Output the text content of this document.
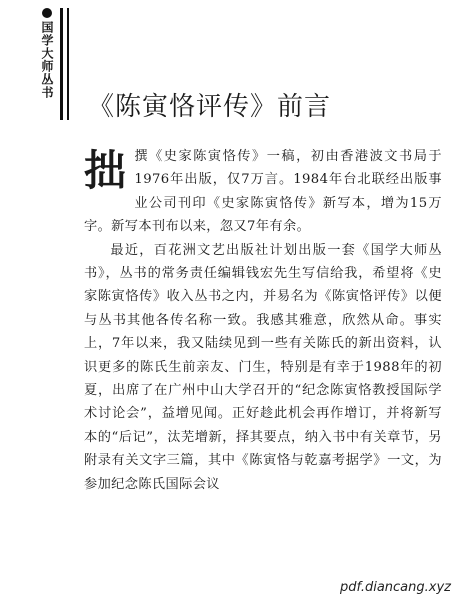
国学大师丛书
《陈寅恪评传》前言

拙撰《史家陈寅恪传》一稿，初由香港波文书局于1976年出版，仅7万言。1984年台北联经出版事业公司刊印《史家陈寅恪传》新写本，增为15万字。新写本刊布以来，忽又7年有余。

最近，百花洲文艺出版社计划出版一套《国学大师丛书》，丛书的常务责任编辑钱宏先生写信给我，希望将《史家陈寅恪传》收入丛书之内，并易名为《陈寅恪评传》以便与丛书其他各传名称一致。我感其雅意，欣然从命。事实上，7年以来，我又陆续见到一些有关陈氏的新出资料，认识更多的陈氏生前亲友、门生，特别是有幸于1988年的初夏，出席了在广州中山大学召开的“纪念陈寅恪教授国际学术讨论会”，益增见闻。正好趁此机会再作增订，并将新写本的“后记”，汰芜增新，择其要点，纳入书中有关章节，另附录有关文字三篇，其中《陈寅恪与乾嘉考据学》一文，为参加纪念陈氏国际会议

pdf.diancang.xyz
